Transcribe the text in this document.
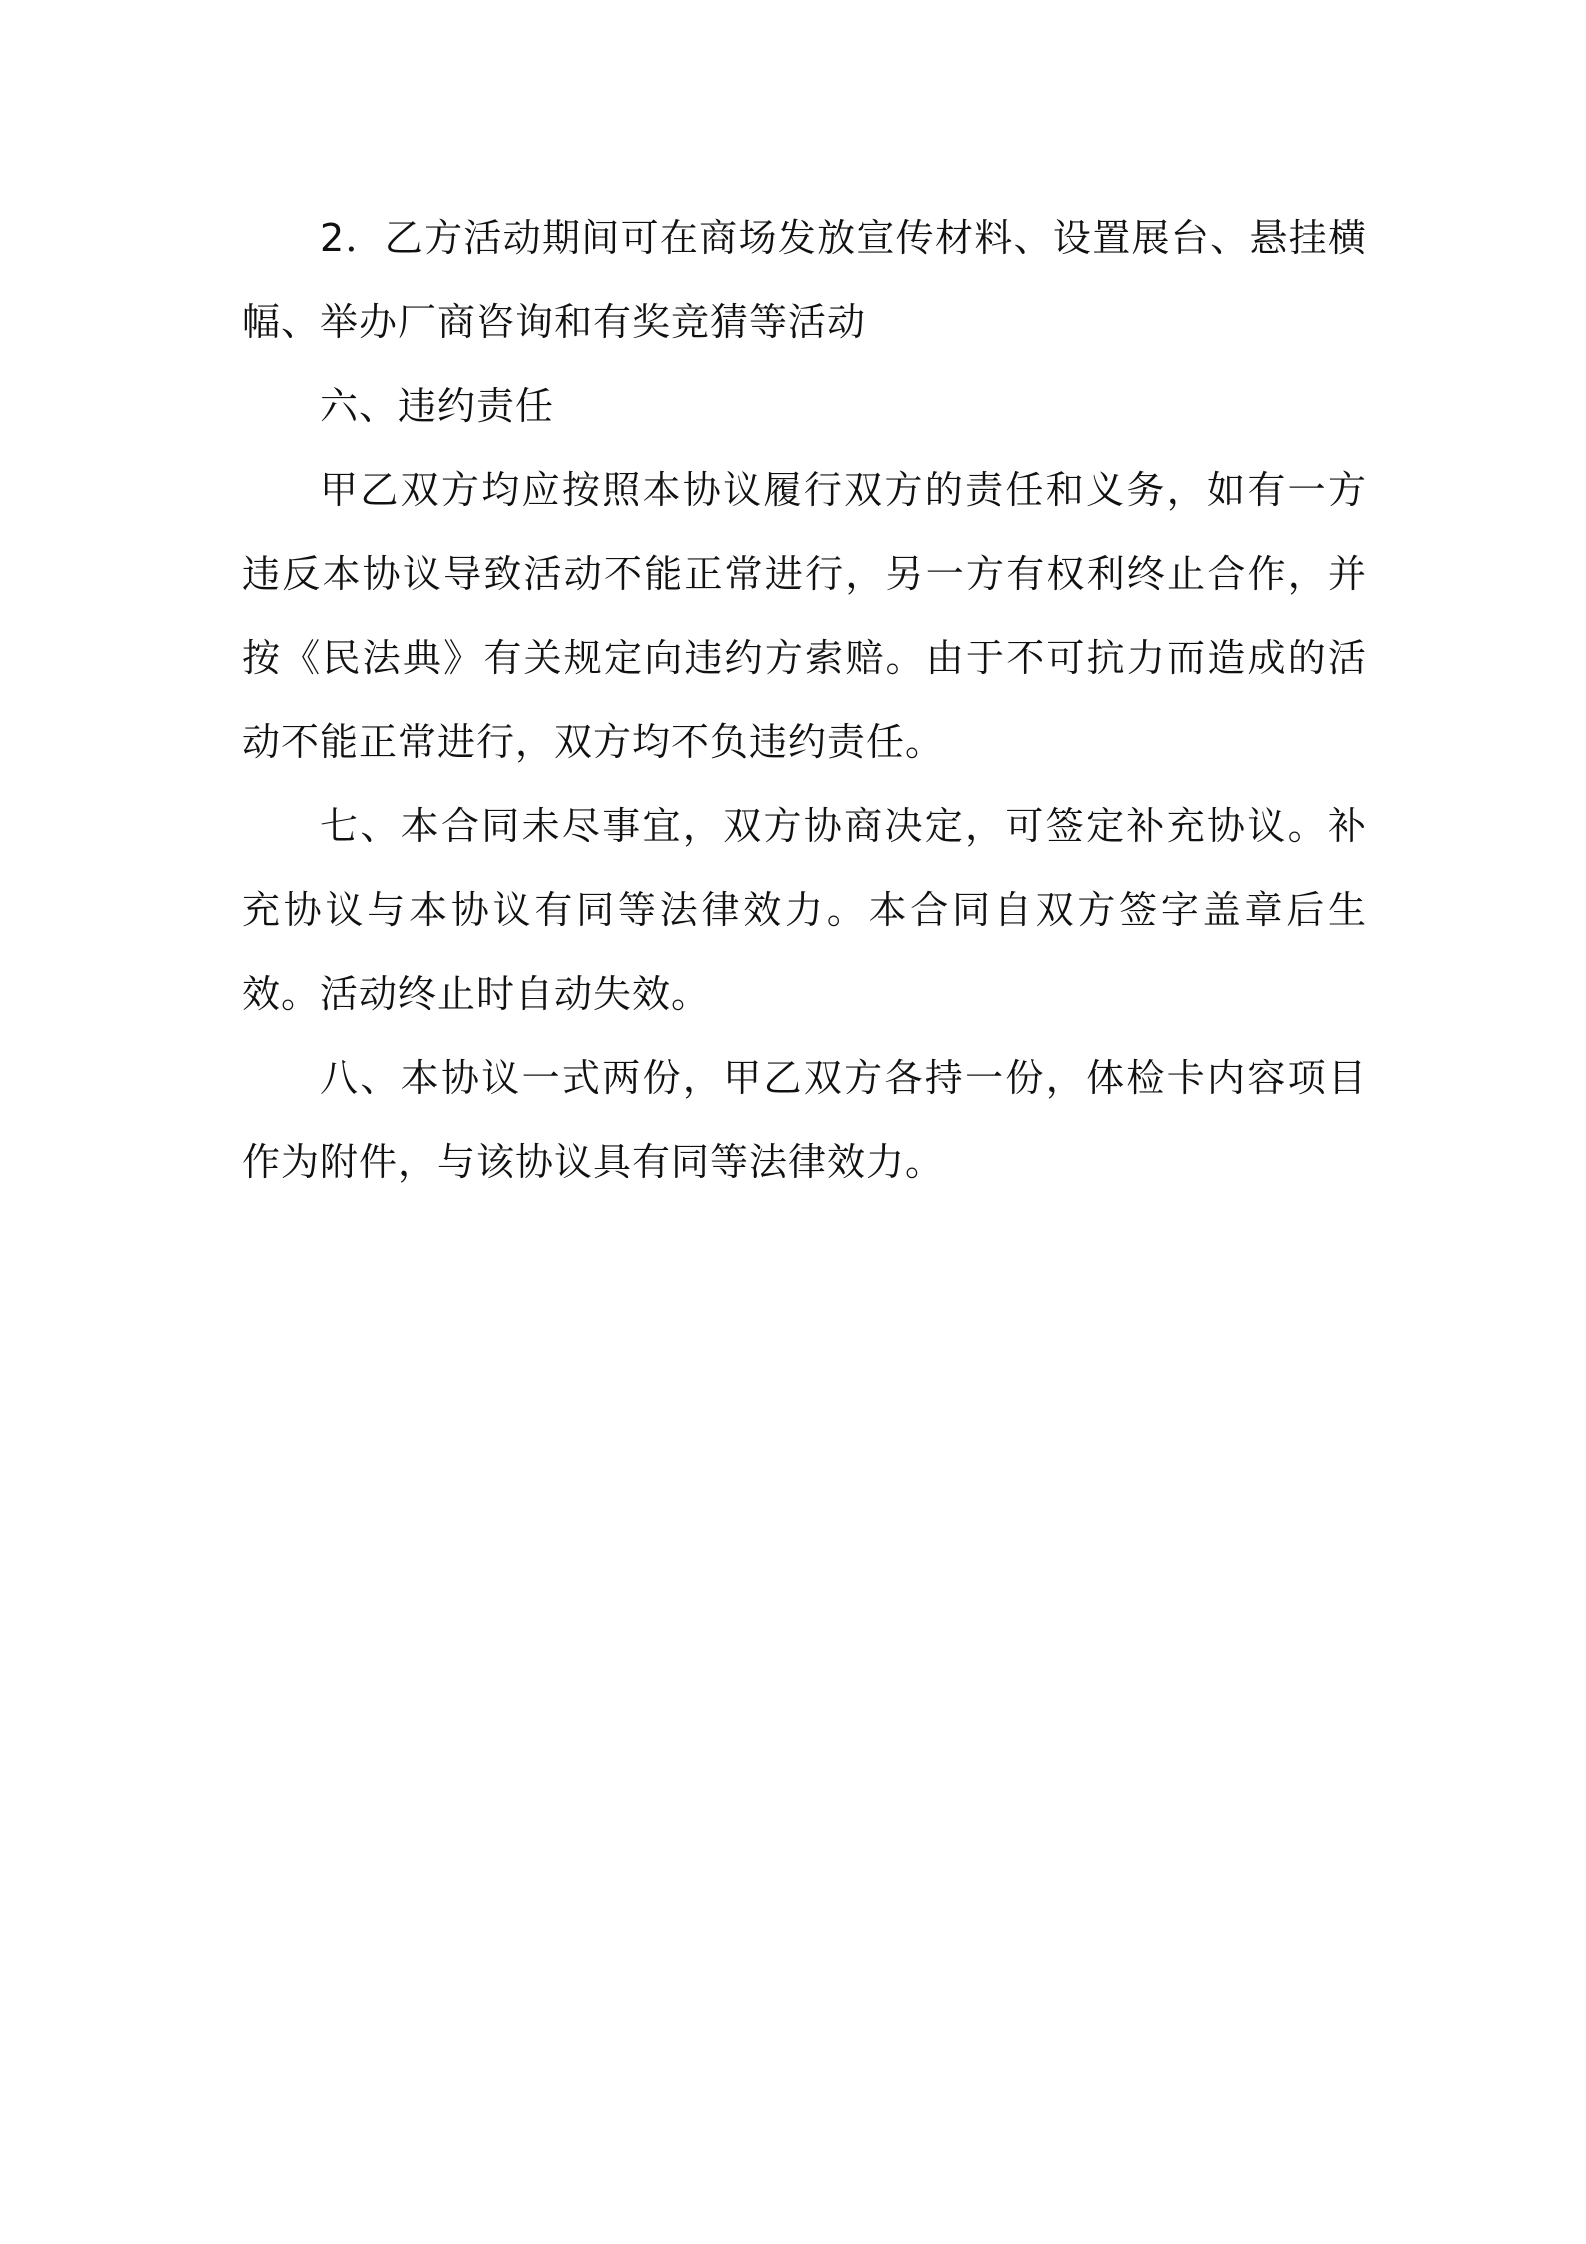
2．乙方活动期间可在商场发放宣传材料、设置展台、悬挂横幅、举办厂商咨询和有奖竞猜等活动

六、违约责任

甲乙双方均应按照本协议履行双方的责任和义务，如有一方违反本协议导致活动不能正常进行，另一方有权利终止合作，并按《民法典》有关规定向违约方索赔。由于不可抗力而造成的活动不能正常进行，双方均不负违约责任。

七、本合同未尽事宜，双方协商决定，可签定补充协议。补充协议与本协议有同等法律效力。本合同自双方签字盖章后生效。活动终止时自动失效。

八、本协议一式两份，甲乙双方各持一份，体检卡内容项目作为附件，与该协议具有同等法律效力。
